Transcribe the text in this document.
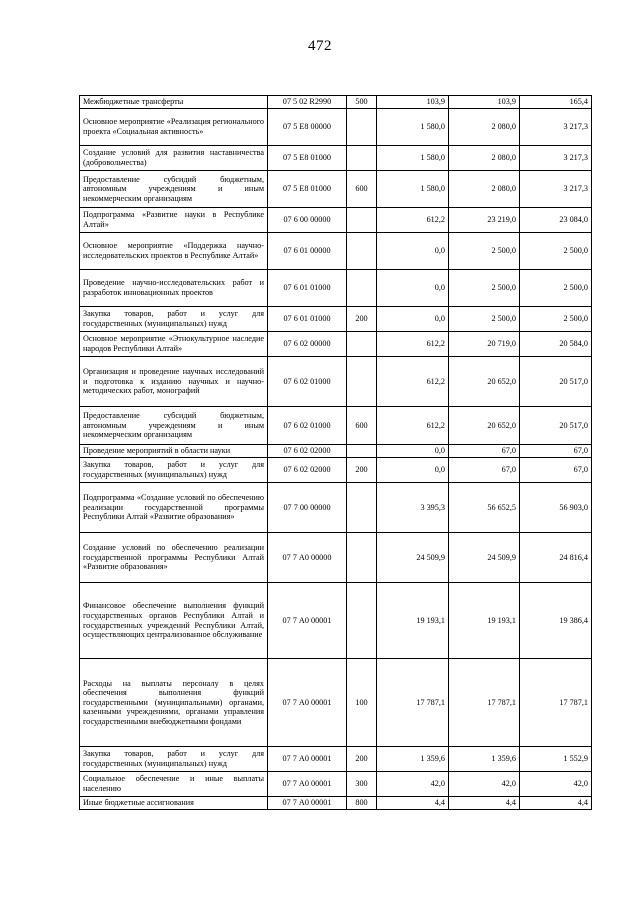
472
Межбюджетные трансферты	07 5 02 R2990	500	103,9	103,9	165,4
Основное мероприятие «Реализация регионального проекта «Социальная активность»	07 5 E8 00000		1 580,0	2 080,0	3 217,3
Создание условий для развития наставничества (добровольчества)	07 5 E8 01000		1 580,0	2 080,0	3 217,3
Предоставление субсидий бюджетным, автономным учреждениям и иным некоммерческим организациям	07 5 E8 01000	600	1 580,0	2 080,0	3 217,3
Подпрограмма «Развитие науки в Республике Алтай»	07 6 00 00000		612,2	23 219,0	23 084,0
Основное мероприятие «Поддержка научно-исследовательских проектов в Республике Алтай»	07 6 01 00000		0,0	2 500,0	2 500,0
Проведение научно-исследовательских работ и разработок инновационных проектов	07 6 01 01000		0,0	2 500,0	2 500,0
Закупка товаров, работ и услуг для государственных (муниципальных) нужд	07 6 01 01000	200	0,0	2 500,0	2 500,0
Основное мероприятие «Этнокультурное наследие народов Республики Алтай»	07 6 02 00000		612,2	20 719,0	20 584,0
Организация и проведение научных исследований и подготовка к изданию научных и научно-методических работ, монографий	07 6 02 01000		612,2	20 652,0	20 517,0
Предоставление субсидий бюджетным, автономным учреждениям и иным некоммерческим организациям	07 6 02 01000	600	612,2	20 652,0	20 517,0
Проведение мероприятий в области науки	07 6 02 02000		0,0	67,0	67,0
Закупка товаров, работ и услуг для государственных (муниципальных) нужд	07 6 02 02000	200	0,0	67,0	67,0
Подпрограмма «Создание условий по обеспечению реализации государственной программы Республики Алтай «Развитие образования»	07 7 00 00000		3 395,3	56 652,5	56 903,0
Создание условий по обеспечению реализации государственной программы Республики Алтай «Развитие образования»	07 7 А0 00000		24 509,9	24 509,9	24 816,4
Финансовое обеспечение выполнения функций государственных органов Республики Алтай и государственных учреждений Республики Алтай, осуществляющих централизованное обслуживание	07 7 А0 00001		19 193,1	19 193,1	19 386,4
Расходы на выплаты персоналу в целях обеспечения выполнения функций государственными (муниципальными) органами, казенными учреждениями, органами управления государственными внебюджетными фондами	07 7 А0 00001	100	17 787,1	17 787,1	17 787,1
Закупка товаров, работ и услуг для государственных (муниципальных) нужд	07 7 А0 00001	200	1 359,6	1 359,6	1 552,9
Социальное обеспечение и иные выплаты населению	07 7 А0 00001	300	42,0	42,0	42,0
Иные бюджетные ассигнования	07 7 А0 00001	800	4,4	4,4	4,4
